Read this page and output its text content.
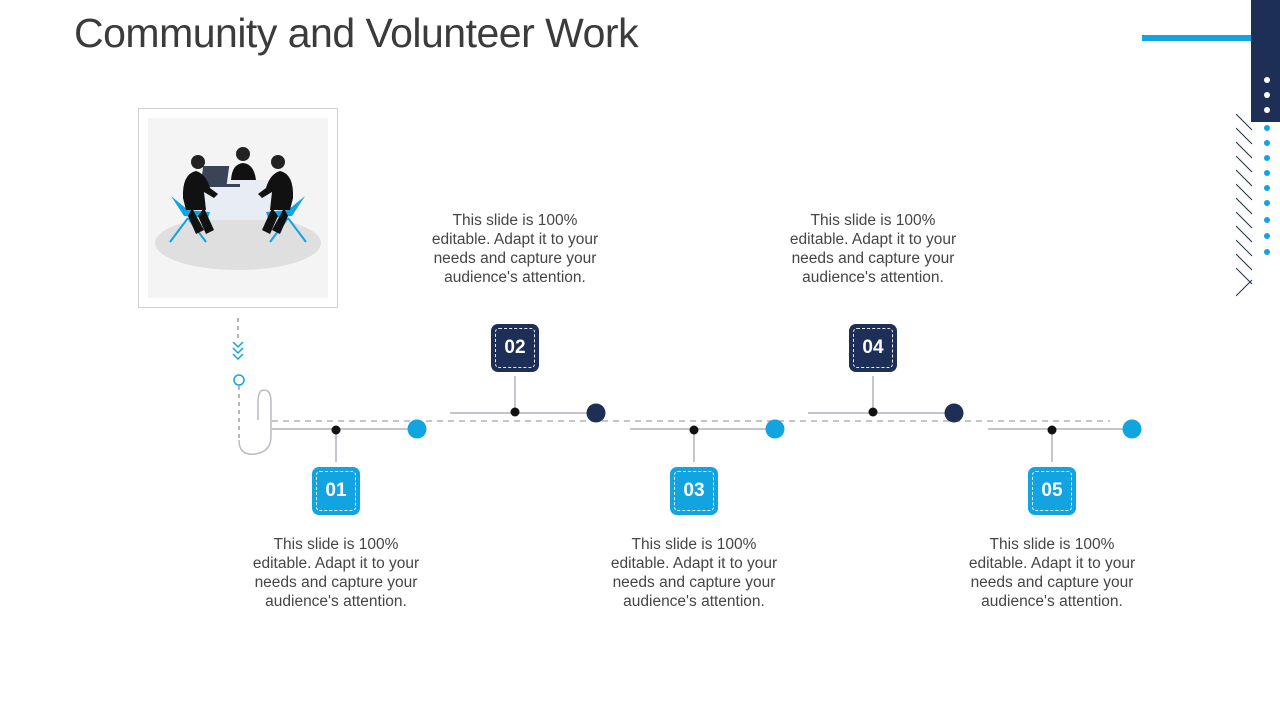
Community and Volunteer Work
01
This slide is 100% editable. Adapt it to your needs and capture your audience's attention.
02
This slide is 100% editable. Adapt it to your needs and capture your audience's attention.
03
This slide is 100% editable. Adapt it to your needs and capture your audience's attention.
04
This slide is 100% editable. Adapt it to your needs and capture your audience's attention.
05
This slide is 100% editable. Adapt it to your needs and capture your audience's attention.
